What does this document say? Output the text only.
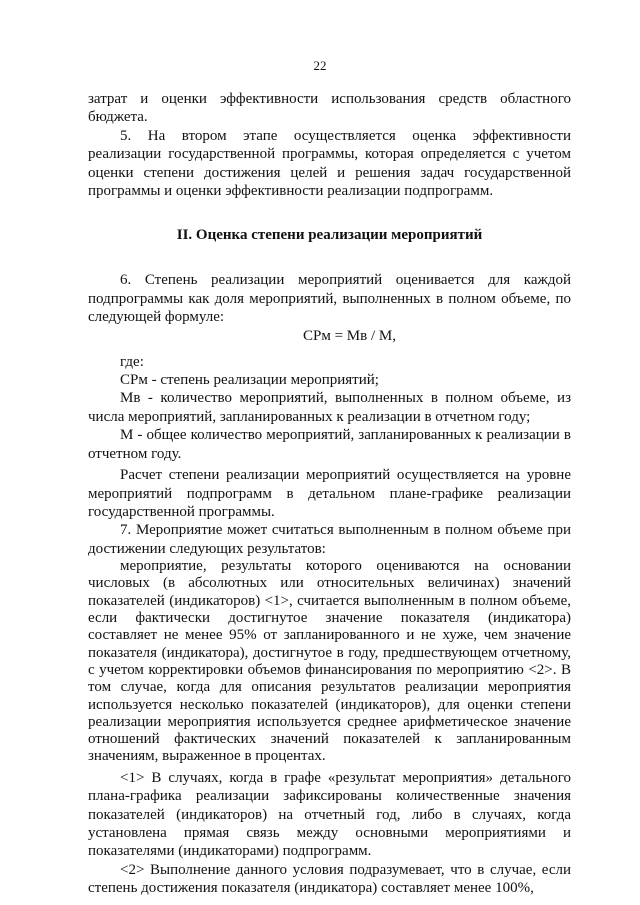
22

затрат и оценки эффективности использования средств областного бюджета.

5. На втором этапе осуществляется оценка эффективности реализации государственной программы, которая определяется с учетом оценки степени достижения целей и решения задач государственной программы и оценки эффективности реализации подпрограмм.

II. Оценка степени реализации мероприятий

6. Степень реализации мероприятий оценивается для каждой подпрограммы как доля мероприятий, выполненных в полном объеме, по следующей формуле:

СРм = Мв / М,

где:

СРм - степень реализации мероприятий;

Мв - количество мероприятий, выполненных в полном объеме, из числа мероприятий, запланированных к реализации в отчетном году;

М - общее количество мероприятий, запланированных к реализации в отчетном году.

Расчет степени реализации мероприятий осуществляется на уровне мероприятий подпрограмм в детальном плане-графике реализации государственной программы.

7. Мероприятие может считаться выполненным в полном объеме при достижении следующих результатов:

мероприятие, результаты которого оцениваются на основании числовых (в абсолютных или относительных величинах) значений показателей (индикаторов) <1>, считается выполненным в полном объеме, если фактически достигнутое значение показателя (индикатора) составляет не менее 95% от запланированного и не хуже, чем значение показателя (индикатора), достигнутое в году, предшествующем отчетному, с учетом корректировки объемов финансирования по мероприятию <2>. В том случае, когда для описания результатов реализации мероприятия используется несколько показателей (индикаторов), для оценки степени реализации мероприятия используется среднее арифметическое значение отношений фактических значений показателей к запланированным значениям, выраженное в процентах.

<1> В случаях, когда в графе «результат мероприятия» детального плана-графика реализации зафиксированы количественные значения показателей (индикаторов) на отчетный год, либо в случаях, когда установлена прямая связь между основными мероприятиями и показателями (индикаторами) подпрограмм.

<2> Выполнение данного условия подразумевает, что в случае, если степень достижения показателя (индикатора) составляет менее 100%,
